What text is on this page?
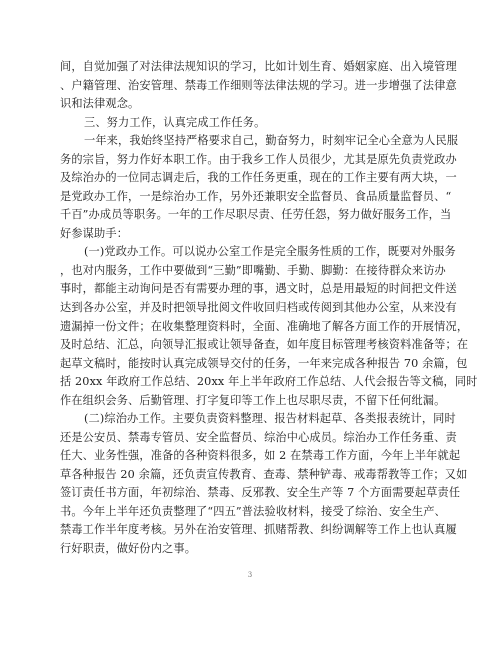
间，自觉加强了对法律法规知识的学习，比如计划生育、婚姻家庭、出入境管理
、户籍管理、治安管理、禁毒工作细则等法律法规的学习。进一步增强了法律意
识和法律观念。
三、努力工作，认真完成工作任务。
一年来，我始终坚持严格要求自己，勤奋努力，时刻牢记全心全意为人民服
务的宗旨，努力作好本职工作。由于我乡工作人员很少，尤其是原先负责党政办
及综治办的一位同志调走后，我的工作任务更重，现在的工作主要有两大块，一
是党政办工作，一是综治办工作，另外还兼职安全监督员、食品质量监督员、“
千百”办成员等职务。一年的工作尽职尽责、任劳任怨，努力做好服务工作，当
好参谋助手：
(一)党政办工作。可以说办公室工作是完全服务性质的工作，既要对外服务
，也对内服务，工作中要做到“三勤”即嘴勤、手勤、脚勤：在接待群众来访办
事时，都能主动询问是否有需要办理的事，遇文时，总是用最短的时间把文件送
达到各办公室，并及时把领导批阅文件收回归档或传阅到其他办公室，从来没有
遗漏掉一份文件；在收集整理资料时，全面、准确地了解各方面工作的开展情况，
及时总结、汇总，向领导汇报或让领导备查，如年度目标管理考核资料准备等；在
起草文稿时，能按时认真完成领导交付的任务，一年来完成各种报告 70 余篇，包
括 20xx 年政府工作总结、20xx 年上半年政府工作总结、人代会报告等文稿，同时
作在组织会务、后勤管理、打字复印等工作上也尽职尽责，不留下任何纰漏。
(二)综治办工作。主要负责资料整理、报告材料起草、各类报表统计，同时
还是公安员、禁毒专管员、安全监督员、综治中心成员。综治办工作任务重、责
任大、业务性强，准备的各种资料很多，如 2 在禁毒工作方面，今年上半年就起
草各种报告 20 余篇，还负责宣传教育、查毒、禁种铲毒、戒毒帮教等工作；又如
签订责任书方面，年初综治、禁毒、反邪教、安全生产等 7 个方面需要起草责任
书。今年上半年还负责整理了“四五”普法验收材料，接受了综治、安全生产、
禁毒工作半年度考核。另外在治安管理、抓赌帮教、纠纷调解等工作上也认真履
行好职责，做好份内之事。
3
